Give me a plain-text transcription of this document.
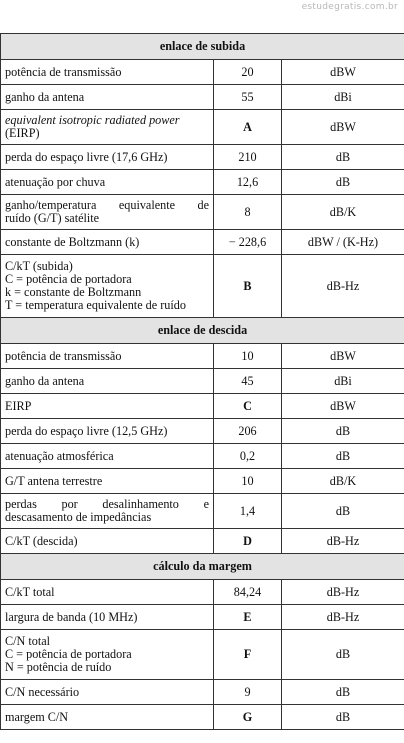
estudegratis.com.br
enlace de subida		

potência de transmissão	20	dBW

ganho da antena	55	dBi

equivalent isotropic radiated power
(EIRP)	A	dBW

perda do espaço livre (17,6 GHz)	210	dB

atenuação por chuva	12,6	dB

ganho/temperatura equivalente de
ruído (G/T) satélite	8	dB/K

constante de Boltzmann (k)	− 228,6	dBW / (K-Hz)

C/kT (subida)
C = potência de portadora
k = constante de Boltzmann
T = temperatura equivalente de ruído	B	dB-Hz
enlace de descida		

potência de transmissão	10	dBW

ganho da antena	45	dBi

EIRP	C	dBW

perda do espaço livre (12,5 GHz)	206	dB

atenuação atmosférica	0,2	dB

G/T antena terrestre	10	dB/K

perdas por desalinhamento e
descasamento de impedâncias	1,4	dB

C/kT (descida)	D	dB-Hz
cálculo da margem		

C/kT total	84,24	dB-Hz

largura de banda (10 MHz)	E	dB-Hz

C/N total
C = potência de portadora
N = potência de ruído	F	dB

C/N necessário	9	dB

margem C/N	G	dB
